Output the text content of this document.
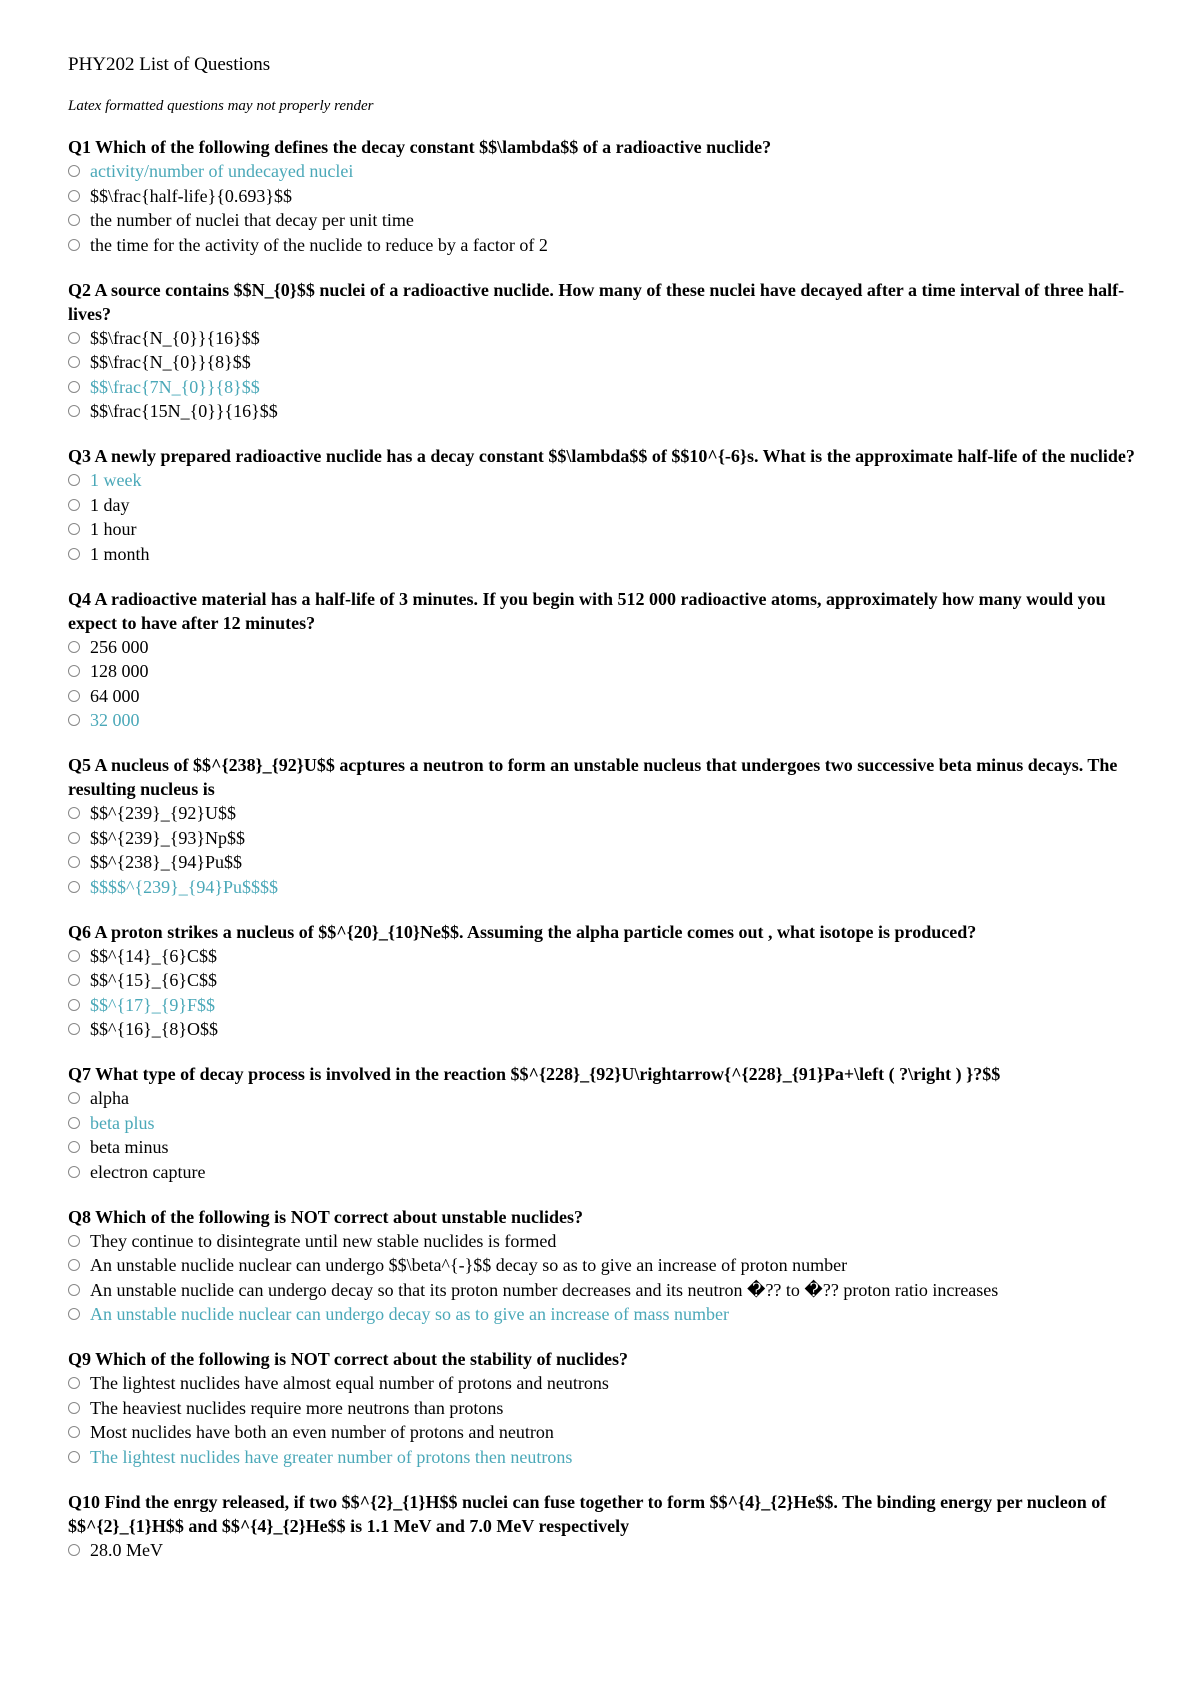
PHY202 List of Questions
Latex formatted questions may not properly render

Q1 Which of the following defines the decay constant $$\lambda$$ of a radioactive nuclide?

activity/number of undecayed nuclei
$$\frac{half-life}{0.693}$$
the number of nuclei that decay per unit time
the time for the activity of the nuclide to reduce by a factor of 2

Q2 A source contains $$N_{0}$$ nuclei of a radioactive nuclide. How many of these nuclei have decayed after a time interval of three half-lives?

$$\frac{N_{0}}{16}$$
$$\frac{N_{0}}{8}$$
$$\frac{7N_{0}}{8}$$
$$\frac{15N_{0}}{16}$$

Q3 A newly prepared radioactive nuclide has a decay constant $$\lambda$$ of $$10^{-6}s. What is the approximate half-life of the nuclide?

1 week
1 day
1 hour
1 month

Q4 A radioactive material has a half-life of 3 minutes. If you begin with 512 000 radioactive atoms, approximately how many would you expect to have after 12 minutes?

256 000
128 000
64 000
32 000

Q5 A nucleus of $$^{238}_{92}U$$ acptures a neutron to form an unstable nucleus that undergoes two successive beta minus decays. The resulting nucleus is

$$^{239}_{92}U$$
$$^{239}_{93}Np$$
$$^{238}_{94}Pu$$
$$$$^{239}_{94}Pu$$$$

Q6 A proton strikes a nucleus of $$^{20}_{10}Ne$$. Assuming the alpha particle comes out , what isotope is produced?

$$^{14}_{6}C$$
$$^{15}_{6}C$$
$$^{17}_{9}F$$
$$^{16}_{8}O$$

Q7 What type of decay process is involved in the reaction $$^{228}_{92}U\rightarrow{^{228}_{91}Pa+\left ( ?\right ) }?$$

alpha
beta plus
beta minus
electron capture

Q8 Which of the following is NOT correct about unstable nuclides?

They continue to disintegrate until new stable nuclides is formed
An unstable nuclide nuclear can undergo $$\beta^{-}$$ decay so as to give an increase of proton number
An unstable nuclide can undergo decay so that its proton number decreases and its neutron �?? to �?? proton ratio increases
An unstable nuclide nuclear can undergo decay so as to give an increase of mass number

Q9 Which of the following is NOT correct about the stability of nuclides?

The lightest nuclides have almost equal number of protons and neutrons
The heaviest nuclides require more neutrons than protons
Most nuclides have both an even number of protons and neutron
The lightest nuclides have greater number of protons then neutrons

Q10 Find the enrgy released, if two $$^{2}_{1}H$$ nuclei can fuse together to form $$^{4}_{2}He$$. The binding energy per nucleon of $$^{2}_{1}H$$ and $$^{4}_{2}He$$ is 1.1 MeV and 7.0 MeV respectively

28.0 MeV
